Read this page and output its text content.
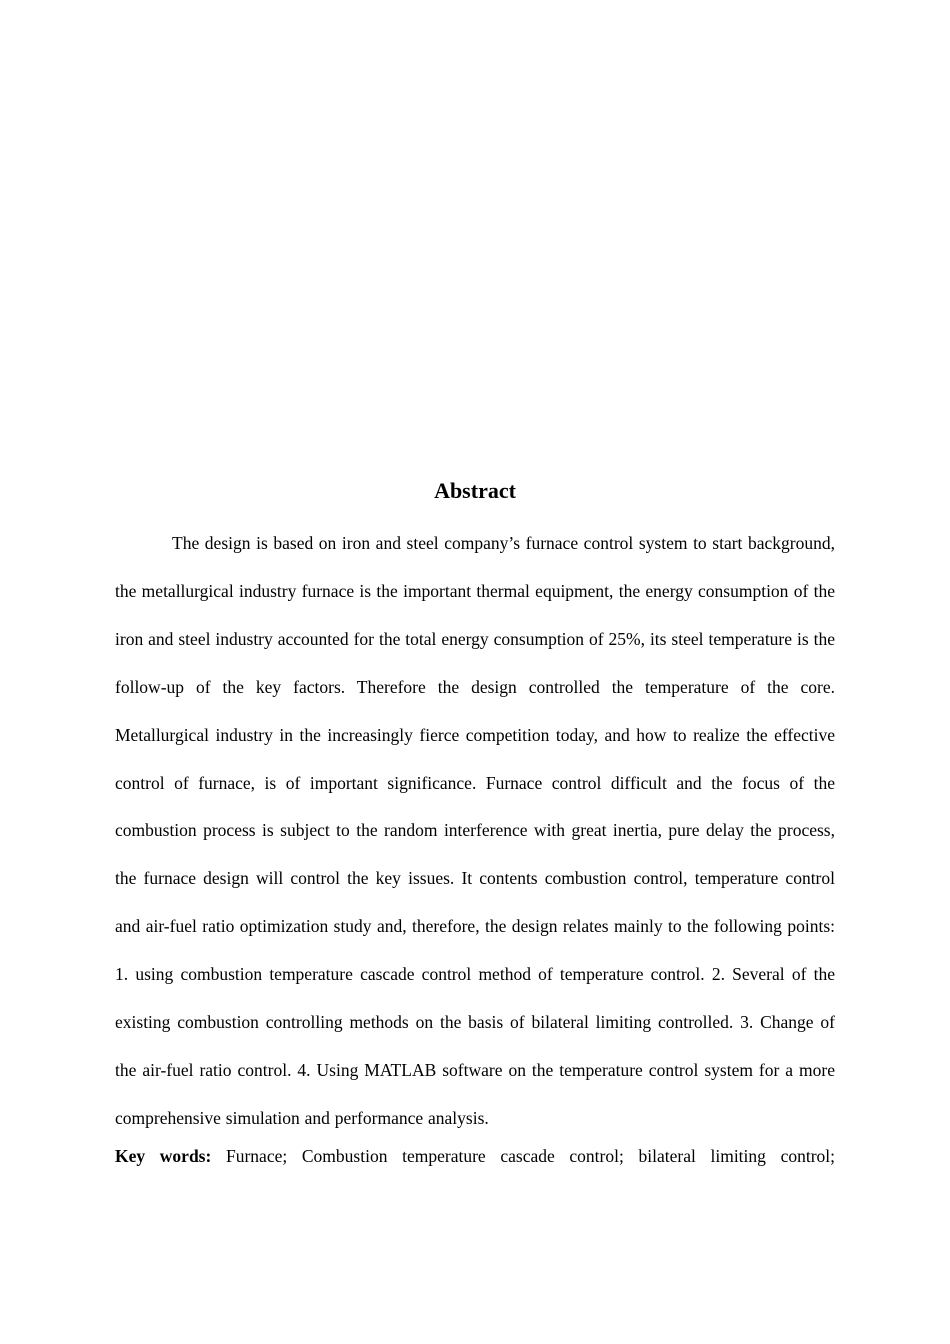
Abstract

The design is based on iron and steel company’s furnace control system to start background, the metallurgical industry furnace is the important thermal equipment, the energy consumption of the iron and steel industry accounted for the total energy consumption of 25%, its steel temperature is the follow-up of the key factors. Therefore the design controlled the temperature of the core. Metallurgical industry in the increasingly fierce competition today, and how to realize the effective control of furnace, is of important significance. Furnace control difficult and the focus of the combustion process is subject to the random interference with great inertia, pure delay the process, the furnace design will control the key issues. It contents combustion control, temperature control and air-fuel ratio optimization study and, therefore, the design relates mainly to the following points: 1. using combustion temperature cascade control method of temperature control. 2. Several of the existing combustion controlling methods on the basis of bilateral limiting controlled. 3. Change of the air-fuel ratio control. 4. Using MATLAB software on the temperature control system for a more comprehensive simulation and performance analysis.

Key words: Furnace; Combustion temperature cascade control; bilateral limiting control;
